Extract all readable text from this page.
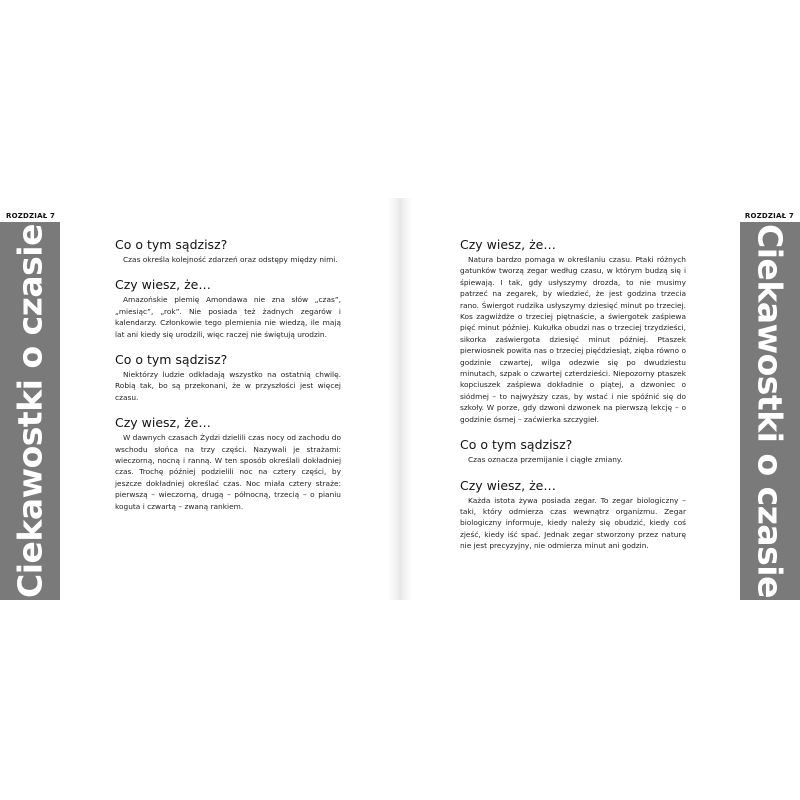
ROZDZIAŁ 7
Ciekawostki o czasie	Co o tym sądzisz?

Czas określa kolejność zdarzeń oraz odstępy między nimi.

Czy wiesz, że…

Amazońskie plemię Amondawa nie zna słów „czas”, „miesiąc”, „rok”. Nie posiada też żadnych zegarów i kalendarzy. Członkowie tego plemienia nie wiedzą, ile mają lat ani kiedy się urodzili, więc raczej nie świętują urodzin.

Co o tym sądzisz?

Niektórzy ludzie odkładają wszystko na ostatnią chwilę. Robią tak, bo są przekonani, że w przyszłości jest więcej czasu.

Czy wiesz, że…

W dawnych czasach Żydzi dzielili czas nocy od zachodu do wschodu słońca na trzy części. Nazywali je strażami: wieczorną, nocną i ranną. W ten sposób określali dokładniej czas. Trochę później podzielili noc na cztery części, by jeszcze dokładniej określać czas. Noc miała cztery straże: pierwszą – wieczorną, drugą – północną, trzecią – o pianiu koguta i czwartą – zwaną rankiem.

ROZDZIAŁ 7
Ciekawostki o czasie
Czy wiesz, że…

Natura bardzo pomaga w określaniu czasu. Ptaki różnych gatunków tworzą zegar według czasu, w którym budzą się i śpiewają. I tak, gdy usłyszymy drozda, to nie musimy patrzeć na zegarek, by wiedzieć, że jest godzina trzecia rano. Świergot rudzika usłyszymy dziesięć minut po trzeciej. Kos zagwiżdże o trzeciej piętnaście, a świergotek zaśpiewa pięć minut później. Kukułka obudzi nas o trzeciej trzydzieści, sikorka zaświergota dziesięć minut później. Ptaszek pierwiosnek powita nas o trzeciej pięćdziesiąt, zięba równo o godzinie czwartej, wilga odezwie się po dwudziestu minutach, szpak o czwartej czterdzieści. Niepozorny ptaszek kopciuszek zaśpiewa dokładnie o piątej, a dzwoniec o siódmej – to najwyższy czas, by wstać i nie spóźnić się do szkoły. W porze, gdy dzwoni dzwonek na pierwszą lekcję – o godzinie ósmej – zaćwierka szczygieł.

Co o tym sądzisz?

Czas oznacza przemijanie i ciągłe zmiany.

Czy wiesz, że…

Każda istota żywa posiada zegar. To zegar biologiczny – taki, który odmierza czas wewnątrz organizmu. Zegar biologiczny informuje, kiedy należy się obudzić, kiedy coś zjeść, kiedy iść spać. Jednak zegar stworzony przez naturę nie jest precyzyjny, nie odmierza minut ani godzin.
